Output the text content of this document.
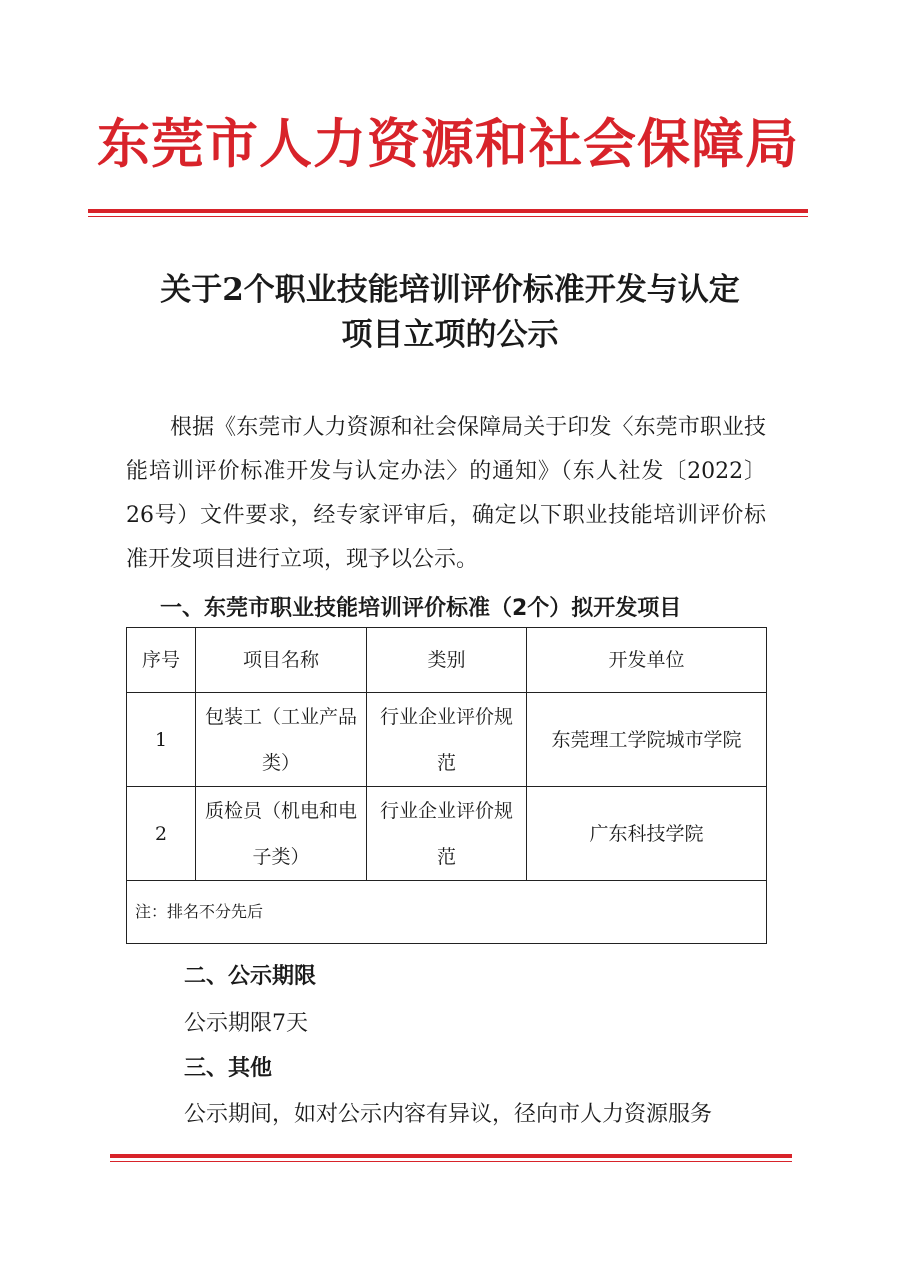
东莞市人力资源和社会保障局
关于2个职业技能培训评价标准开发与认定
项目立项的公示
根据《东莞市人力资源和社会保障局关于印发〈东莞市职业技能培训评价标准开发与认定办法〉的通知》（东人社发〔2022〕26号）文件要求，经专家评审后，确定以下职业技能培训评价标准开发项目进行立项，现予以公示。
一、东莞市职业技能培训评价标准（2个）拟开发项目
序号	项目名称	类别	开发单位
1	包装工（工业产品类）	行业企业评价规范	东莞理工学院城市学院
2	质检员（机电和电子类）	行业企业评价规范	广东科技学院
注：排名不分先后			
二、公示期限
公示期限7天
三、其他
公示期间，如对公示内容有异议，径向市人力资源服务
